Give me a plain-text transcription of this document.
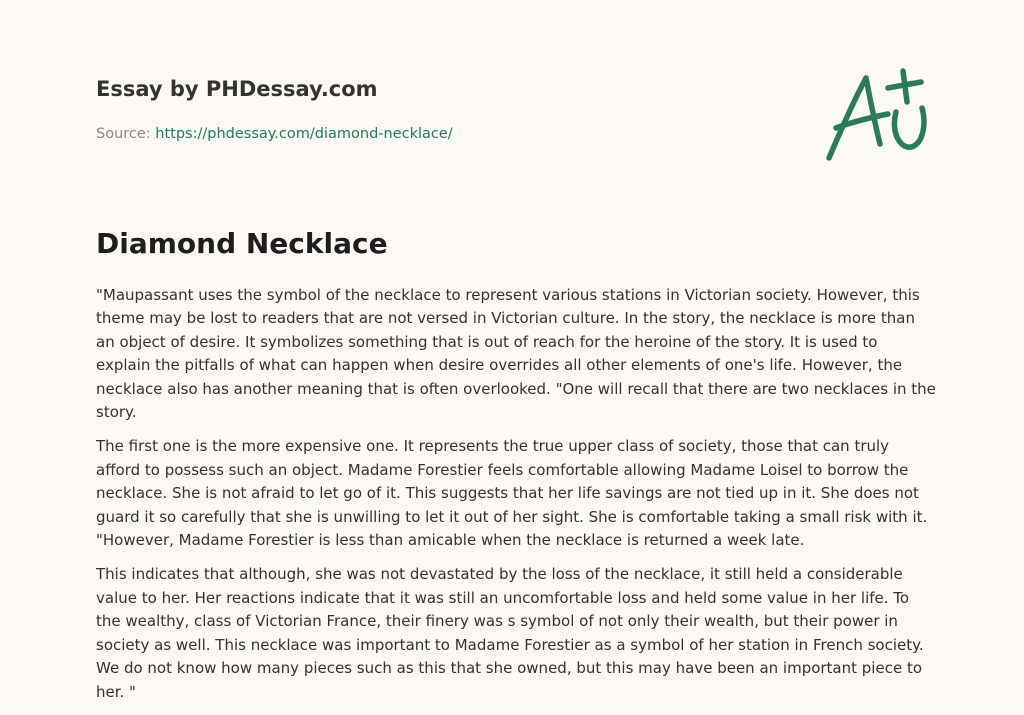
Essay by PHDessay.com
Source: https://phdessay.com/diamond-necklace/
Diamond Necklace

"Maupassant uses the symbol of the necklace to represent various stations in Victorian society. However, this theme may be lost to readers that are not versed in Victorian culture. In the story, the necklace is more than an object of desire. It symbolizes something that is out of reach for the heroine of the story. It is used to explain the pitfalls of what can happen when desire overrides all other elements of one's life. However, the necklace also has another meaning that is often overlooked. "One will recall that there are two necklaces in the story.

The first one is the more expensive one. It represents the true upper class of society, those that can truly afford to possess such an object. Madame Forestier feels comfortable allowing Madame Loisel to borrow the necklace. She is not afraid to let go of it. This suggests that her life savings are not tied up in it. She does not guard it so carefully that she is unwilling to let it out of her sight. She is comfortable taking a small risk with it. "However, Madame Forestier is less than amicable when the necklace is returned a week late.

This indicates that although, she was not devastated by the loss of the necklace, it still held a considerable value to her. Her reactions indicate that it was still an uncomfortable loss and held some value in her life. To the wealthy, class of Victorian France, their finery was s symbol of not only their wealth, but their power in society as well. This necklace was important to Madame Forestier as a symbol of her station in French society. We do not know how many pieces such as this that she owned, but this may have been an important piece to her. "
